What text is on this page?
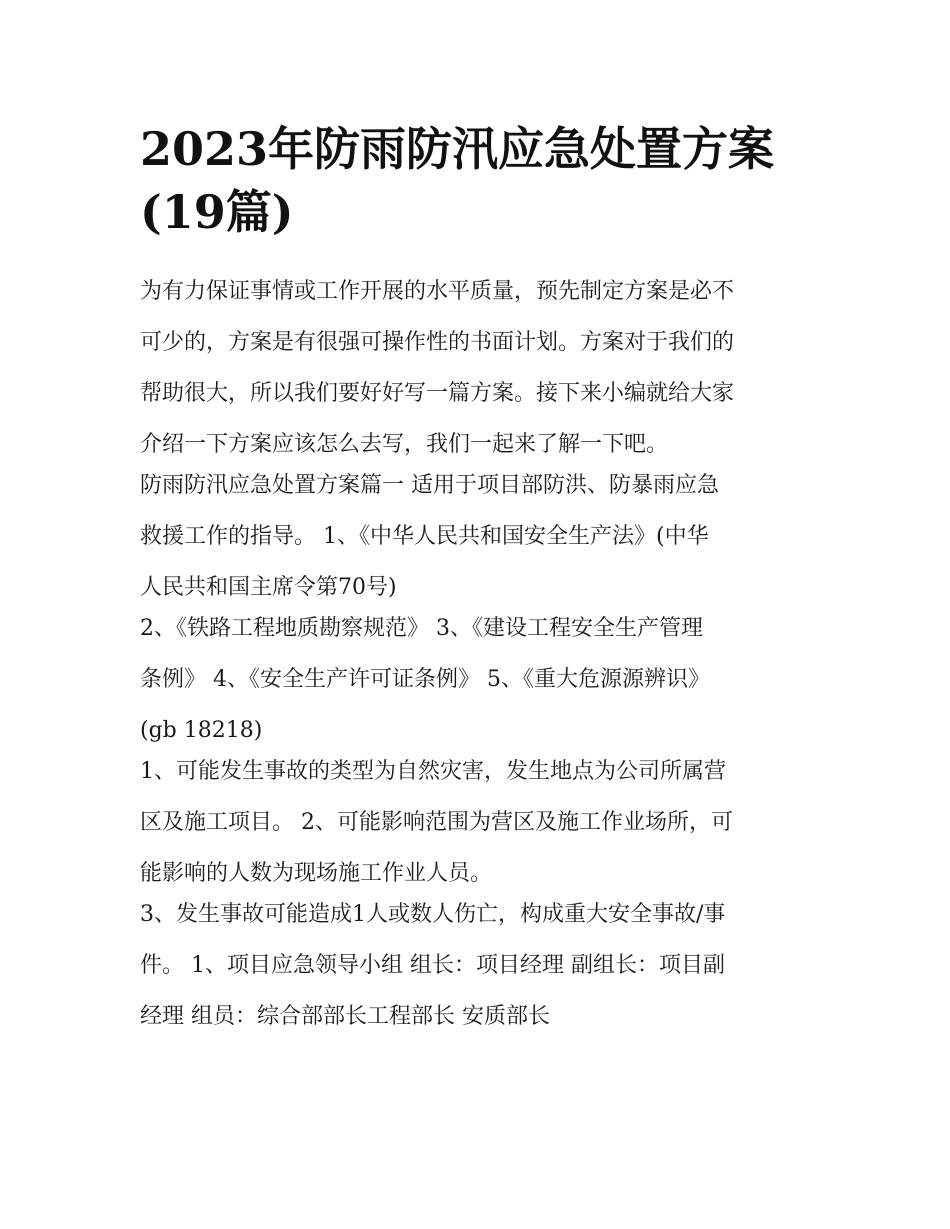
2023年防雨防汛应急处置方案
(19篇)

为有力保证事情或工作开展的水平质量，预先制定方案是必不
可少的，方案是有很强可操作性的书面计划。方案对于我们的
帮助很大，所以我们要好好写一篇方案。接下来小编就给大家
介绍一下方案应该怎么去写，我们一起来了解一下吧。

防雨防汛应急处置方案篇一 适用于项目部防洪、防暴雨应急
救援工作的指导。 1、《中华人民共和国安全生产法》(中华
人民共和国主席令第70号)

2、《铁路工程地质勘察规范》 3、《建设工程安全生产管理
条例》 4、《安全生产许可证条例》 5、《重大危源源辨识》
(gb 18218)

1、可能发生事故的类型为自然灾害，发生地点为公司所属营
区及施工项目。 2、可能影响范围为营区及施工作业场所，可
能影响的人数为现场施工作业人员。

3、发生事故可能造成1人或数人伤亡，构成重大安全事故/事
件。 1、项目应急领导小组 组长：项目经理 副组长：项目副
经理 组员：综合部部长工程部长 安质部长
